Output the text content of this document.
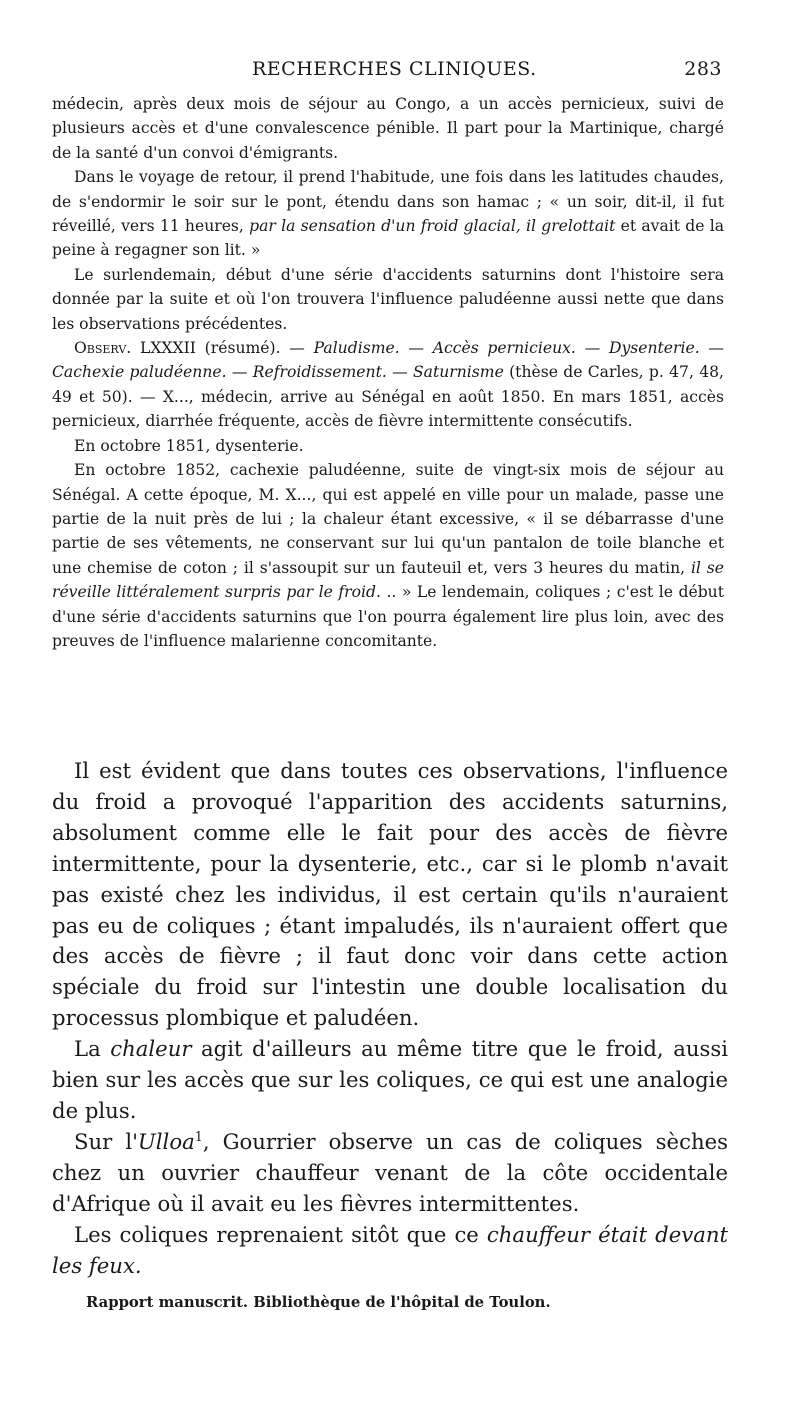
RECHERCHES CLINIQUES.	283

médecin, après deux mois de séjour au Congo, a un accès pernicieux, suivi de plusieurs accès et d'une convalescence pénible. Il part pour la Martinique, chargé de la santé d'un convoi d'émigrants.

Dans le voyage de retour, il prend l'habitude, une fois dans les latitudes chaudes, de s'endormir le soir sur le pont, étendu dans son hamac ; « un soir, dit-il, il fut réveillé, vers 11 heures, par la sensation d'un froid glacial, il grelottait et avait de la peine à regagner son lit. »

Le surlendemain, début d'une série d'accidents saturnins dont l'histoire sera donnée par la suite et où l'on trouvera l'influence paludéenne aussi nette que dans les observations précédentes.

Observ. LXXXII (résumé). — Paludisme. — Accès pernicieux. — Dysenterie. — Cachexie paludéenne. — Refroidissement. — Saturnisme (thèse de Carles, p. 47, 48, 49 et 50). — X..., médecin, arrive au Sénégal en août 1850. En mars 1851, accès pernicieux, diarrhée fréquente, accès de fièvre intermittente consécutifs.

En octobre 1851, dysenterie.

En octobre 1852, cachexie paludéenne, suite de vingt-six mois de séjour au Sénégal. A cette époque, M. X..., qui est appelé en ville pour un malade, passe une partie de la nuit près de lui ; la chaleur étant excessive, « il se débarrasse d'une partie de ses vêtements, ne conservant sur lui qu'un pantalon de toile blanche et une chemise de coton ; il s'assoupit sur un fauteuil et, vers 3 heures du matin, il se réveille littéralement surpris par le froid. .. » Le lendemain, coliques ; c'est le début d'une série d'accidents saturnins que l'on pourra également lire plus loin, avec des preuves de l'influence malarienne concomitante.

Il est évident que dans toutes ces observations, l'influence du froid a provoqué l'apparition des accidents saturnins, absolument comme elle le fait pour des accès de fièvre intermittente, pour la dysenterie, etc., car si le plomb n'avait pas existé chez les individus, il est certain qu'ils n'auraient pas eu de coliques ; étant impaludés, ils n'auraient offert que des accès de fièvre ; il faut donc voir dans cette action spéciale du froid sur l'intestin une double localisation du processus plombique et paludéen.

La chaleur agit d'ailleurs au même titre que le froid, aussi bien sur les accès que sur les coliques, ce qui est une analogie de plus.

Sur l'Ulloa$^1$, Gourrier observe un cas de coliques sèches chez un ouvrier chauffeur venant de la côte occidentale d'Afrique où il avait eu les fièvres intermittentes.

Les coliques reprenaient sitôt que ce chauffeur était devant les feux.

Rapport manuscrit. Bibliothèque de l'hôpital de Toulon.
